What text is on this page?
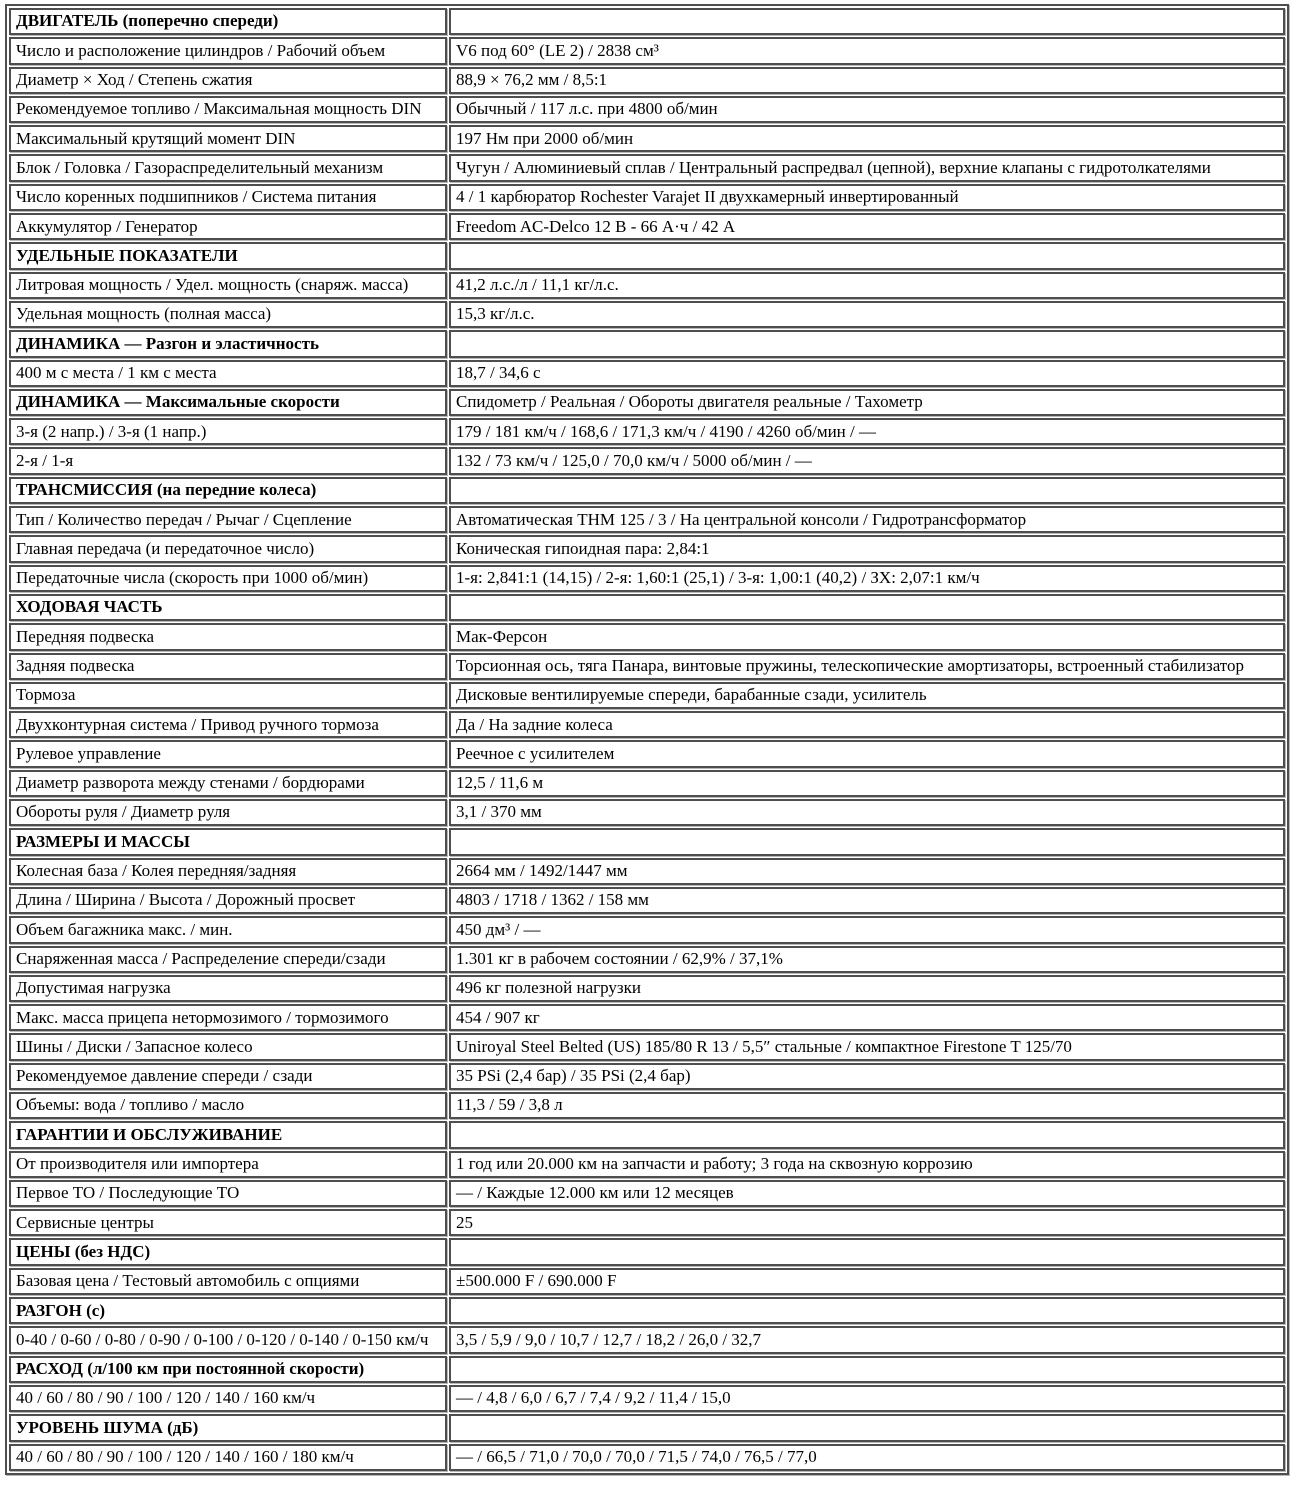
ДВИГАТЕЛЬ (поперечно спереди)	
Число и расположение цилиндров / Рабочий объем	V6 под 60° (LE 2) / 2838 см³
Диаметр × Ход / Степень сжатия	88,9 × 76,2 мм / 8,5:1
Рекомендуемое топливо / Максимальная мощность DIN	Обычный / 117 л.с. при 4800 об/мин
Максимальный крутящий момент DIN	197 Нм при 2000 об/мин
Блок / Головка / Газораспределительный механизм	Чугун / Алюминиевый сплав / Центральный распредвал (цепной), верхние клапаны с гидротолкателями
Число коренных подшипников / Система питания	4 / 1 карбюратор Rochester Varajet II двухкамерный инвертированный
Аккумулятор / Генератор	Freedom AC-Delco 12 В - 66 А·ч / 42 А
УДЕЛЬНЫЕ ПОКАЗАТЕЛИ	
Литровая мощность / Удел. мощность (снаряж. масса)	41,2 л.с./л / 11,1 кг/л.с.
Удельная мощность (полная масса)	15,3 кг/л.с.
ДИНАМИКА — Разгон и эластичность	
400 м с места / 1 км с места	18,7 / 34,6 с
ДИНАМИКА — Максимальные скорости	Спидометр / Реальная / Обороты двигателя реальные / Тахометр
3-я (2 напр.) / 3-я (1 напр.)	179 / 181 км/ч / 168,6 / 171,3 км/ч / 4190 / 4260 об/мин / —
2-я / 1-я	132 / 73 км/ч / 125,0 / 70,0 км/ч / 5000 об/мин / —
ТРАНСМИССИЯ (на передние колеса)	
Тип / Количество передач / Рычаг / Сцепление	Автоматическая THM 125 / 3 / На центральной консоли / Гидротрансформатор
Главная передача (и передаточное число)	Коническая гипоидная пара: 2,84:1
Передаточные числа (скорость при 1000 об/мин)	1-я: 2,841:1 (14,15) / 2-я: 1,60:1 (25,1) / 3-я: 1,00:1 (40,2) / ЗХ: 2,07:1 км/ч
ХОДОВАЯ ЧАСТЬ	
Передняя подвеска	Мак-Ферсон
Задняя подвеска	Торсионная ось, тяга Панара, винтовые пружины, телескопические амортизаторы, встроенный стабилизатор
Тормоза	Дисковые вентилируемые спереди, барабанные сзади, усилитель
Двухконтурная система / Привод ручного тормоза	Да / На задние колеса
Рулевое управление	Реечное с усилителем
Диаметр разворота между стенами / бордюрами	12,5 / 11,6 м
Обороты руля / Диаметр руля	3,1 / 370 мм
РАЗМЕРЫ И МАССЫ	
Колесная база / Колея передняя/задняя	2664 мм / 1492/1447 мм
Длина / Ширина / Высота / Дорожный просвет	4803 / 1718 / 1362 / 158 мм
Объем багажника макс. / мин.	450 дм³ / —
Снаряженная масса / Распределение спереди/сзади	1.301 кг в рабочем состоянии / 62,9% / 37,1%
Допустимая нагрузка	496 кг полезной нагрузки
Макс. масса прицепа нетормозимого / тормозимого	454 / 907 кг
Шины / Диски / Запасное колесо	Uniroyal Steel Belted (US) 185/80 R 13 / 5,5″ стальные / компактное Firestone T 125/70
Рекомендуемое давление спереди / сзади	35 PSi (2,4 бар) / 35 PSi (2,4 бар)
Объемы: вода / топливо / масло	11,3 / 59 / 3,8 л
ГАРАНТИИ И ОБСЛУЖИВАНИЕ	
От производителя или импортера	1 год или 20.000 км на запчасти и работу; 3 года на сквозную коррозию
Первое ТО / Последующие ТО	— / Каждые 12.000 км или 12 месяцев
Сервисные центры	25
ЦЕНЫ (без НДС)	
Базовая цена / Тестовый автомобиль с опциями	±500.000 F / 690.000 F
РАЗГОН (с)	
0-40 / 0-60 / 0-80 / 0-90 / 0-100 / 0-120 / 0-140 / 0-150 км/ч	3,5 / 5,9 / 9,0 / 10,7 / 12,7 / 18,2 / 26,0 / 32,7
РАСХОД (л/100 км при постоянной скорости)	
40 / 60 / 80 / 90 / 100 / 120 / 140 / 160 км/ч	— / 4,8 / 6,0 / 6,7 / 7,4 / 9,2 / 11,4 / 15,0
УРОВЕНЬ ШУМА (дБ)	
40 / 60 / 80 / 90 / 100 / 120 / 140 / 160 / 180 км/ч	— / 66,5 / 71,0 / 70,0 / 70,0 / 71,5 / 74,0 / 76,5 / 77,0
